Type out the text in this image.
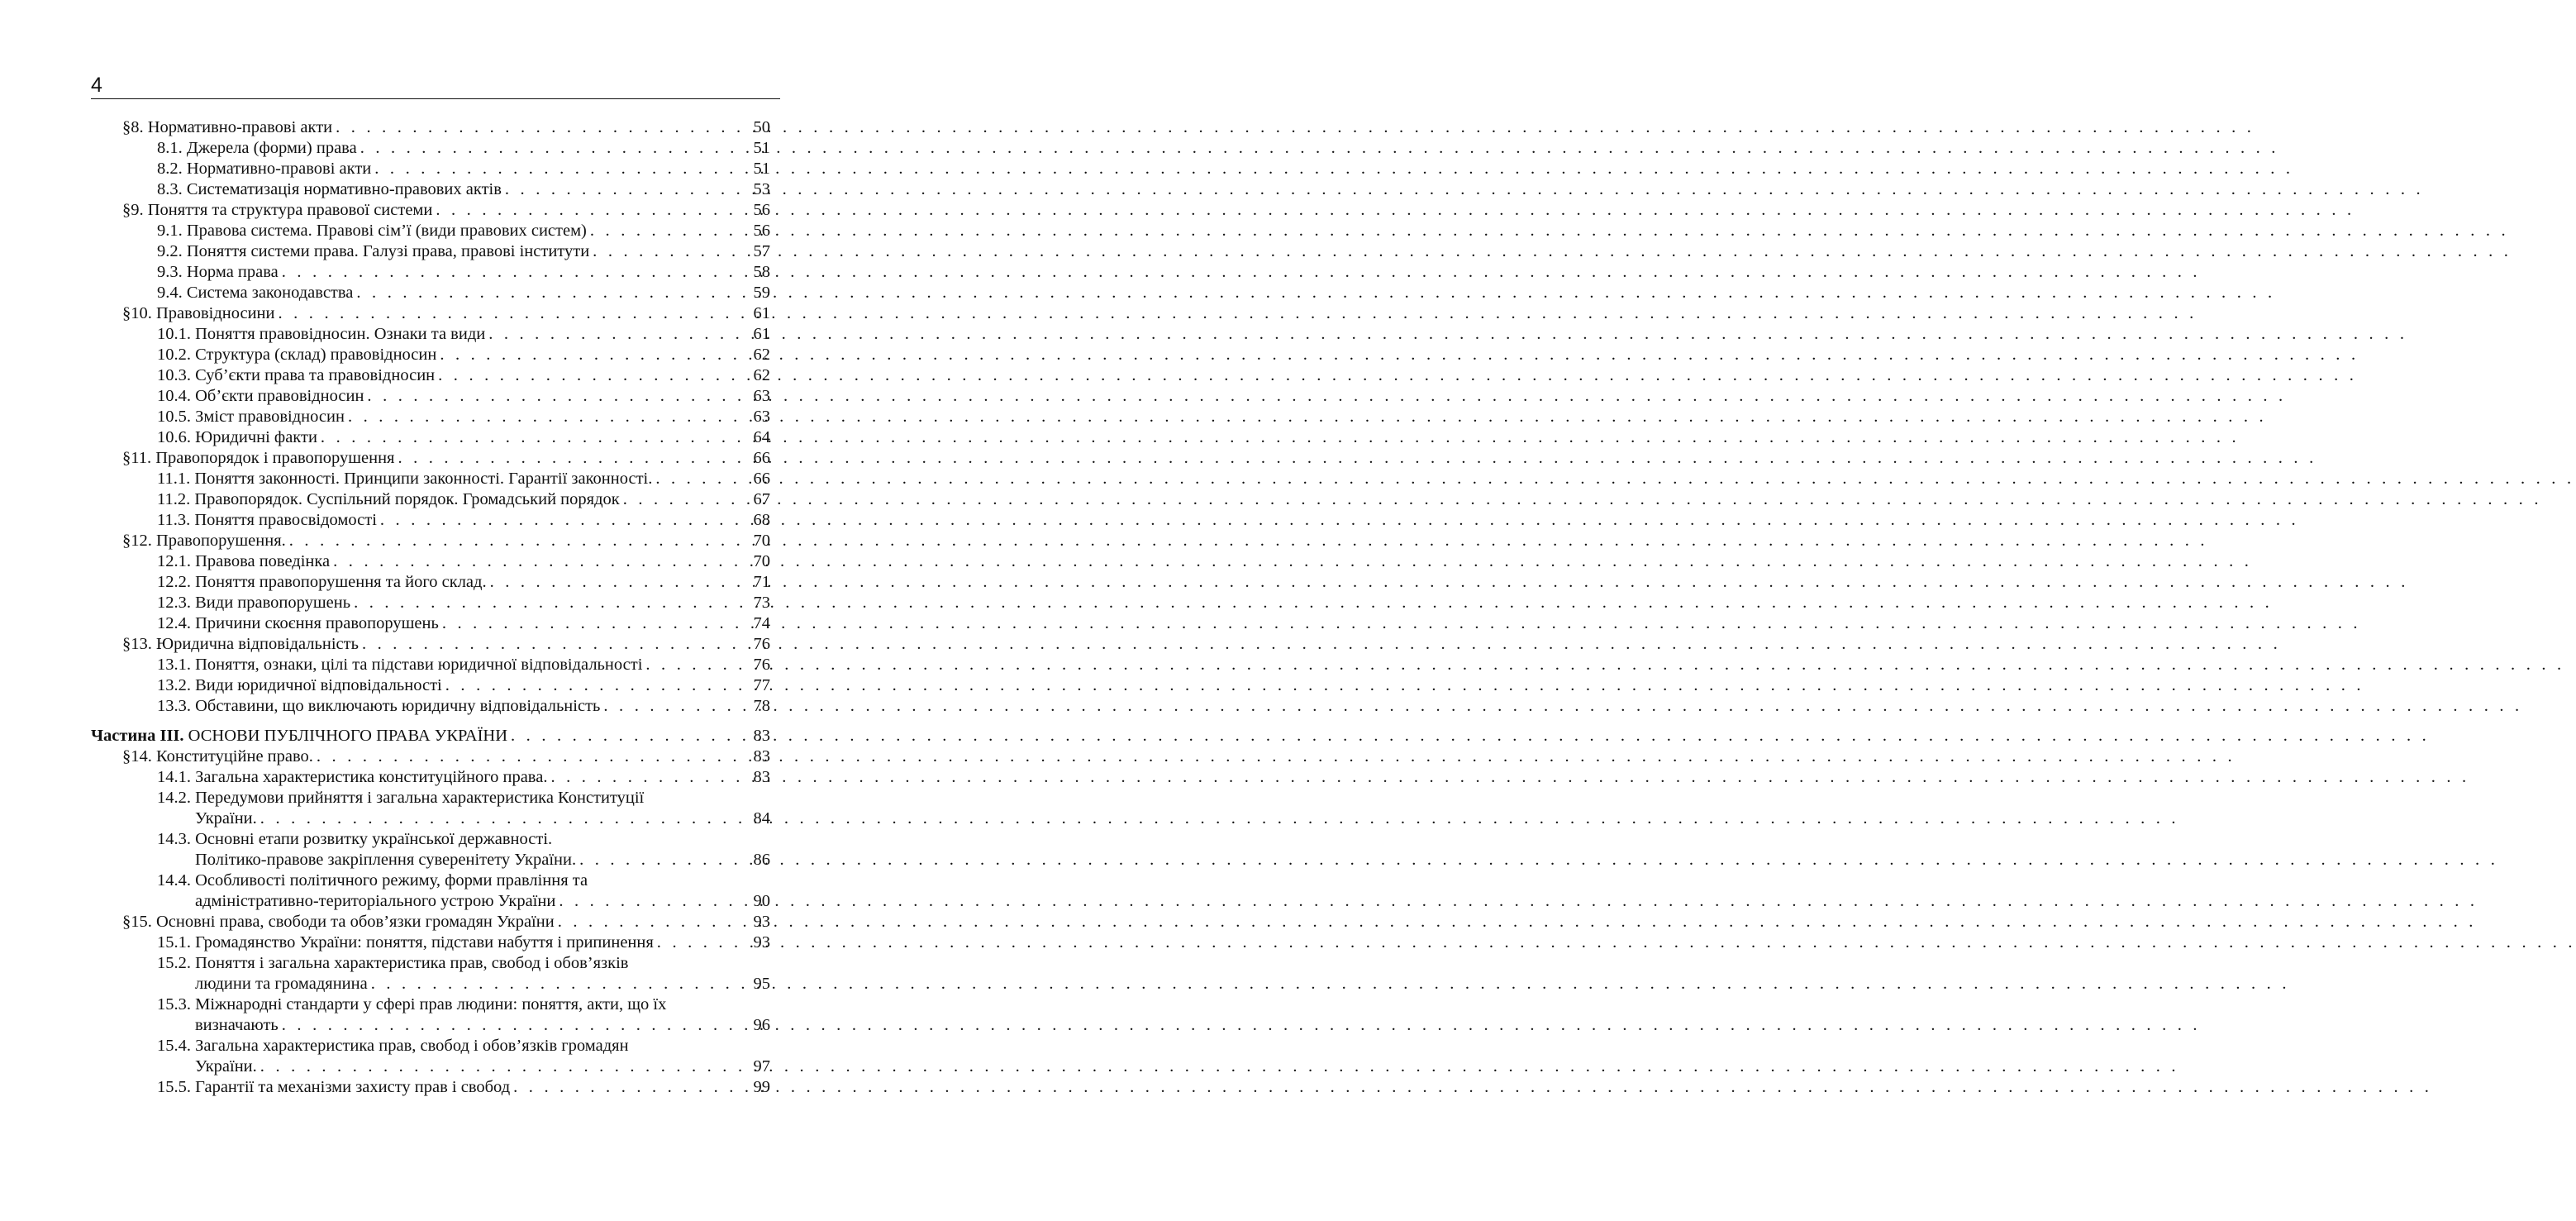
4
§8. Нормативно-правові акти . . .	50
8.1. Джерела (форми) права . . .	51
8.2. Нормативно-правові акти . . .	51
8.3. Систематизація нормативно-правових актів . . .	53
§9. Поняття та структура правової системи . . .	56
9.1. Правова система. Правові сім’ї (види правових систем) . . .	56
9.2. Поняття системи права. Галузі права, правові інститути . . .	57
9.3. Норма права . . .	58
9.4. Система законодавства . . .	59
§10. Правовідносини . . .	61
10.1. Поняття правовідносин. Ознаки та види . . .	61
10.2. Структура (склад) правовідносин . . .	62
10.3. Суб’єкти права та правовідносин . . .	62
10.4. Об’єкти правовідносин . . .	63
10.5. Зміст правовідносин . . .	63
10.6. Юридичні факти . . .	64
§11. Правопорядок і правопорушення . . .	66
11.1. Поняття законності. Принципи законності. Гарантії законності. . . .	66
11.2. Правопорядок. Суспільний порядок. Громадський порядок . . .	67
11.3. Поняття правосвідомості . . .	68
§12. Правопорушення. . . .	70
12.1. Правова поведінка . . .	70
12.2. Поняття правопорушення та його склад. . . .	71
12.3. Види правопорушень . . .	73
12.4. Причини скоєння правопорушень . . .	74
§13. Юридична відповідальність . . .	76
13.1. Поняття, ознаки, цілі та підстави юридичної відповідальності . . .	76
13.2. Види юридичної відповідальності . . .	77
13.3. Обставини, що виключають юридичну відповідальність . . .	78
Частина III. ОСНОВИ ПУБЛІЧНОГО ПРАВА УКРАЇНИ . . .	83
§14. Конституційне право. . . .	83
14.1. Загальна характеристика конституційного права. . . .	83
14.2. Передумови прийняття і загальна характеристика Конституції
України. . . .	84
14.3. Основні етапи розвитку української державності.
Політико-правове закріплення суверенітету України. . . .	86
14.4. Особливості політичного режиму, форми правління та
адміністративно-територіального устрою України . . .	90
§15. Основні права, свободи та обов’язки громадян України . . .	93
15.1. Громадянство України: поняття, підстави набуття і припинення . . .	93
15.2. Поняття і загальна характеристика прав, свобод і обов’язків
людини та громадянина . . .	95
15.3. Міжнародні стандарти у сфері прав людини: поняття, акти, що їх
визначають . . .	96
15.4. Загальна характеристика прав, свобод і обов’язків громадян
України. . . .	97
15.5. Гарантії та механізми захисту прав і свобод . . .	99
